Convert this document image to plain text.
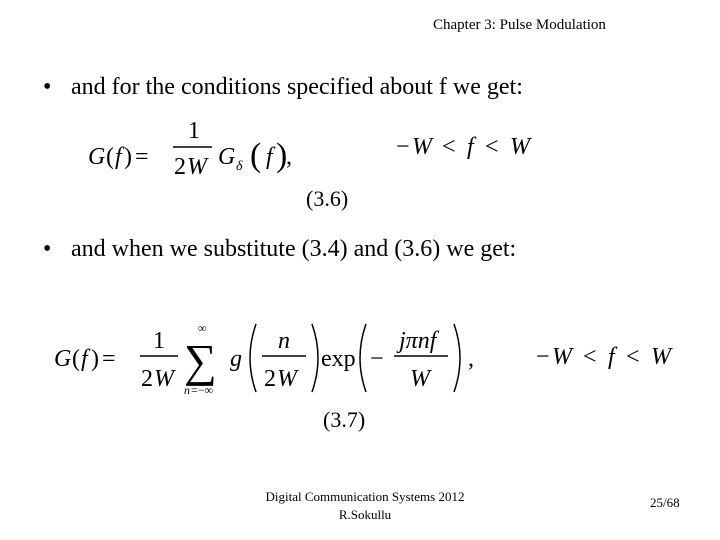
Chapter 3: Pulse Modulation
• and for the conditions specified about f we get:
G ( f ) =
1
2 W G δ ( f )
,	− W < f < W
(3.6)
• and when we substitute (3.4) and (3.6) we get:
G ( f ) =
1
2 W
∞
∑
n =−∞
g
n
2 W
exp −
jπnf
W
,	− W < f < W
(3.7)
Digital Communication Systems 2012
R.Sokullu
25/68
